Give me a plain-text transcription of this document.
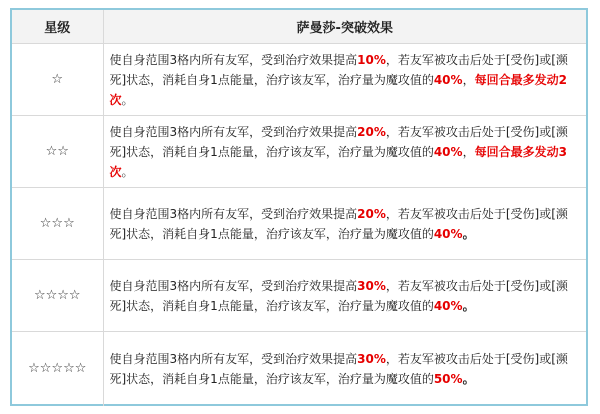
星级	萨曼莎-突破效果
☆	使自身范围3格内所有友军，受到治疗效果提高10%，若友军被攻击后处于[受伤]或[濒死]状态，消耗自身1点能量，治疗该友军，治疗量为魔攻值的40%，每回合最多发动2次。
☆☆	使自身范围3格内所有友军，受到治疗效果提高20%，若友军被攻击后处于[受伤]或[濒死]状态，消耗自身1点能量，治疗该友军，治疗量为魔攻值的40%，每回合最多发动3次。
☆☆☆	使自身范围3格内所有友军，受到治疗效果提高20%，若友军被攻击后处于[受伤]或[濒死]状态，消耗自身1点能量，治疗该友军，治疗量为魔攻值的40%。
☆☆☆☆	使自身范围3格内所有友军，受到治疗效果提高30%，若友军被攻击后处于[受伤]或[濒死]状态，消耗自身1点能量，治疗该友军，治疗量为魔攻值的40%。
☆☆☆☆☆	使自身范围3格内所有友军，受到治疗效果提高30%，若友军被攻击后处于[受伤]或[濒死]状态，消耗自身1点能量，治疗该友军，治疗量为魔攻值的50%。
